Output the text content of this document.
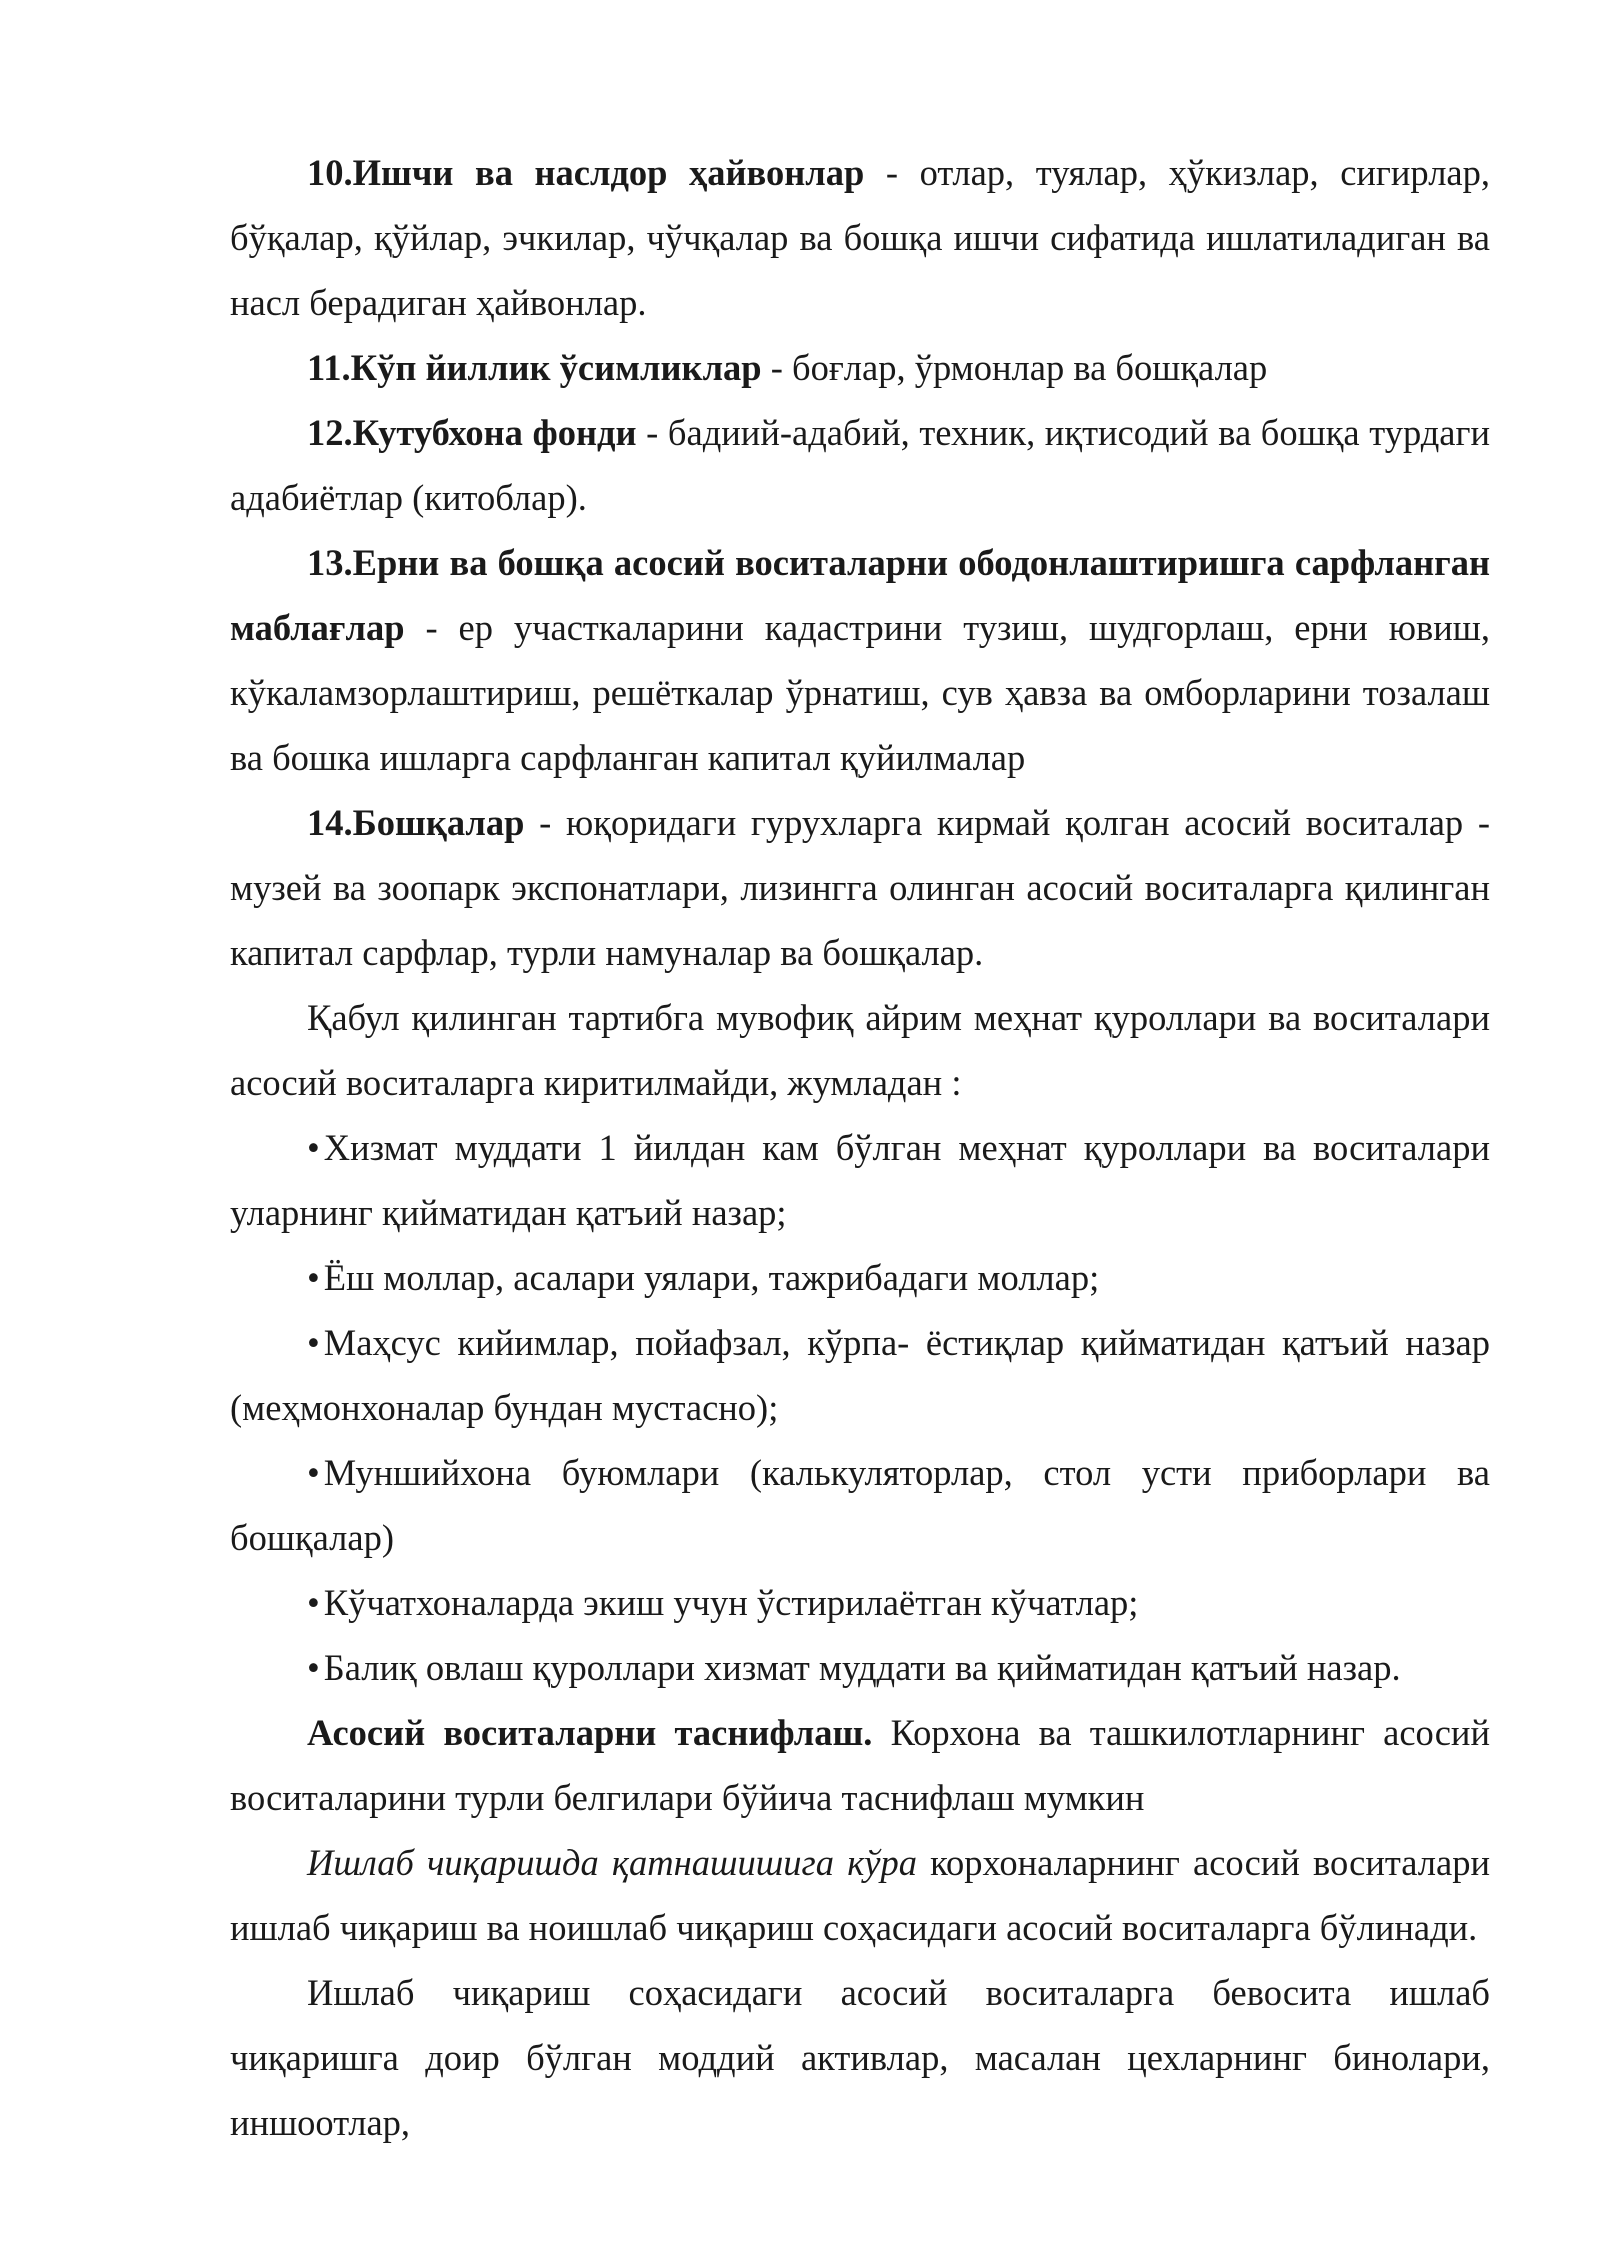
10.Ишчи ва наслдор ҳайвонлар - отлар, туялар, ҳўкизлар, сигирлар, бўқалар, қўйлар, эчкилар, чўчқалар ва бошқа ишчи сифатида ишлатиладиган ва насл берадиган ҳайвонлар.

11.Кўп йиллик ўсимликлар - боғлар, ўрмонлар ва бошқалар

12.Кутубхона фонди - бадиий-адабий, техник, иқтисодий ва бошқа турдаги адабиётлар (китоблар).

13.Ерни ва бошқа асосий воситаларни ободонлаштиришга сарфланган маблағлар - ер участкаларини кадастрини тузиш, шудгорлаш, ерни ювиш, кўкаламзорлаштириш, решёткалар ўрнатиш, сув ҳавза ва омборларини тозалаш ва бошка ишларга сарфланган капитал қуйилмалар

14.Бошқалар - юқоридаги гурухларга кирмай қолган асосий воситалар - музей ва зоопарк экспонатлари, лизингга олинган асосий воситаларга қилинган капитал сарфлар, турли намуналар ва бошқалар.

Қабул қилинган тартибга мувофиқ айрим меҳнат қуроллари ва воситалари асосий воситаларга киритилмайди, жумладан :

• Хизмат муддати 1 йилдан кам бўлган меҳнат қуроллари ва воситалари уларнинг қийматидан қатъий назар;

• Ёш моллар, асалари уялари, тажрибадаги моллар;

• Маҳсус кийимлар, пойафзал, кўрпа- ёстиқлар қийматидан қатъий назар (меҳмонхоналар бундан мустасно);

• Муншийхона буюмлари (калькуляторлар, стол усти приборлари ва бошқалар)

• Кўчатхоналарда экиш учун ўстирилаётган кўчатлар;

• Балиқ овлаш қуроллари хизмат муддати ва қийматидан қатъий назар.

Асосий воситаларни таснифлаш. Корхона ва ташкилотларнинг асосий воситаларини турли белгилари бўйича таснифлаш мумкин

Ишлаб чиқаришда қатнашишига кўра корхоналарнинг асосий воситалари ишлаб чиқариш ва ноишлаб чиқариш соҳасидаги асосий воситаларга бўлинади.

Ишлаб чиқариш соҳасидаги асосий воситаларга бевосита ишлаб чиқаришга доир бўлган моддий активлар, масалан цехларнинг бинолари, иншоотлар,
